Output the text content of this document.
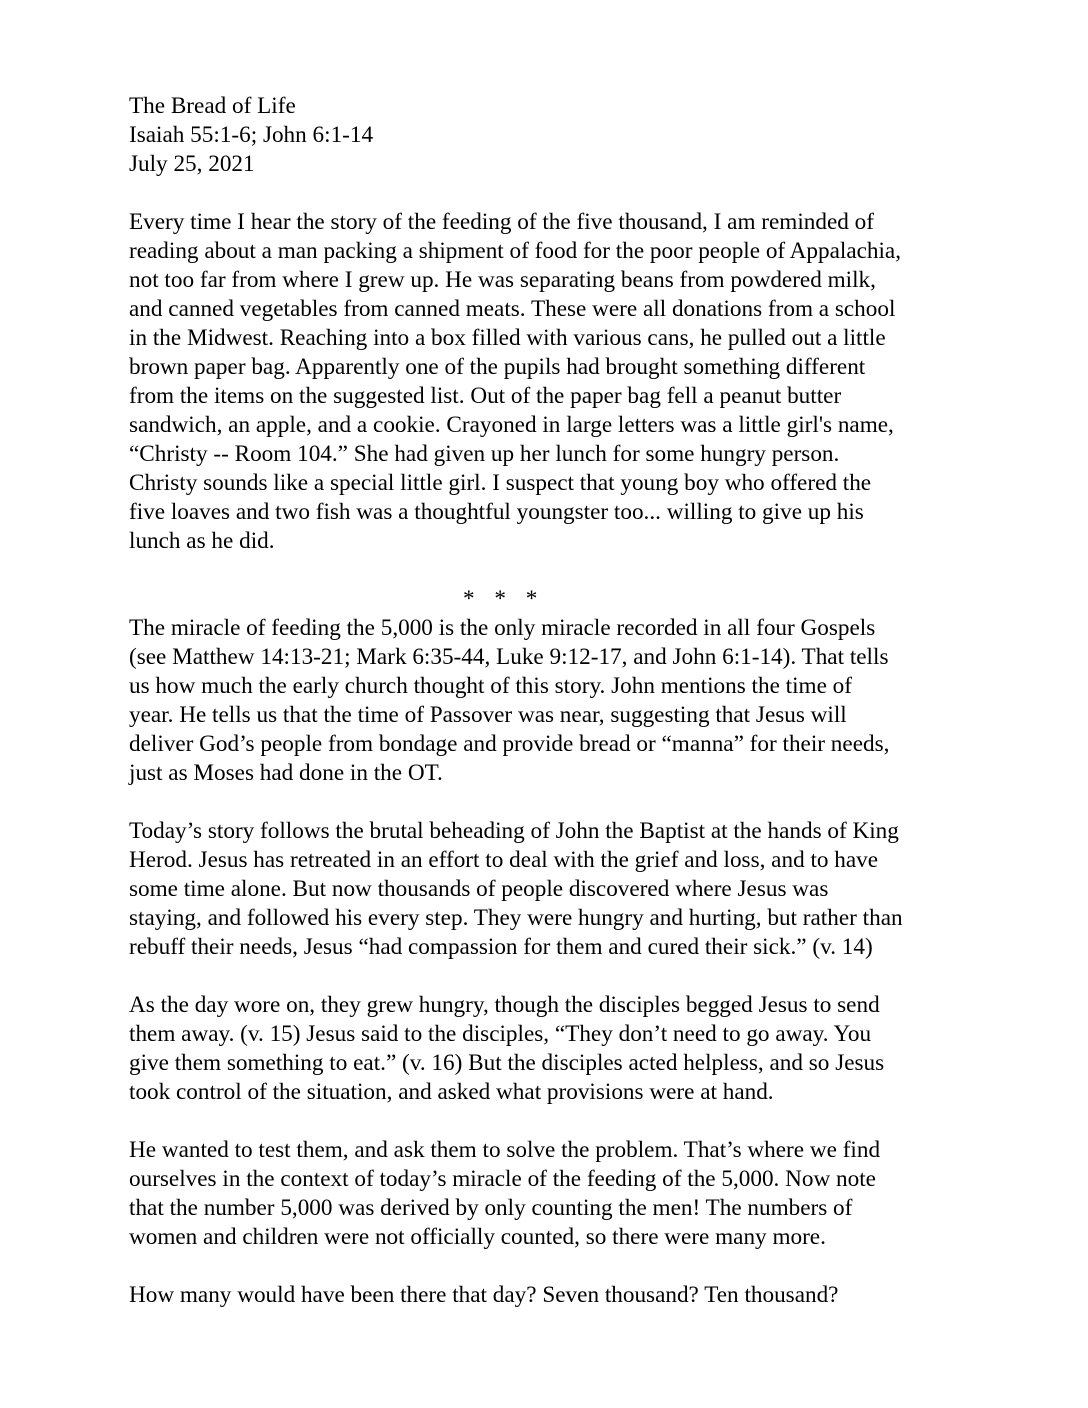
The Bread of Life
Isaiah 55:1-6; John 6:1-14
July 25, 2021

Every time I hear the story of the feeding of the five thousand, I am reminded of
reading about a man packing a shipment of food for the poor people of Appalachia,
not too far from where I grew up. He was separating beans from powdered milk,
and canned vegetables from canned meats. These were all donations from a school
in the Midwest. Reaching into a box filled with various cans, he pulled out a little
brown paper bag. Apparently one of the pupils had brought something different
from the items on the suggested list. Out of the paper bag fell a peanut butter
sandwich, an apple, and a cookie. Crayoned in large letters was a little girl's name,
“Christy -- Room 104.” She had given up her lunch for some hungry person.
Christy sounds like a special little girl. I suspect that young boy who offered the
five loaves and two fish was a thoughtful youngster too... willing to give up his
lunch as he did.

* * *

The miracle of feeding the 5,000 is the only miracle recorded in all four Gospels
(see Matthew 14:13-21; Mark 6:35-44, Luke 9:12-17, and John 6:1-14). That tells
us how much the early church thought of this story. John mentions the time of
year. He tells us that the time of Passover was near, suggesting that Jesus will
deliver God’s people from bondage and provide bread or “manna” for their needs,
just as Moses had done in the OT.

Today’s story follows the brutal beheading of John the Baptist at the hands of King
Herod. Jesus has retreated in an effort to deal with the grief and loss, and to have
some time alone. But now thousands of people discovered where Jesus was
staying, and followed his every step. They were hungry and hurting, but rather than
rebuff their needs, Jesus “had compassion for them and cured their sick.” (v. 14)

As the day wore on, they grew hungry, though the disciples begged Jesus to send
them away. (v. 15) Jesus said to the disciples, “They don’t need to go away. You
give them something to eat.” (v. 16) But the disciples acted helpless, and so Jesus
took control of the situation, and asked what provisions were at hand.

He wanted to test them, and ask them to solve the problem. That’s where we find
ourselves in the context of today’s miracle of the feeding of the 5,000. Now note
that the number 5,000 was derived by only counting the men! The numbers of
women and children were not officially counted, so there were many more.

How many would have been there that day? Seven thousand? Ten thousand?
